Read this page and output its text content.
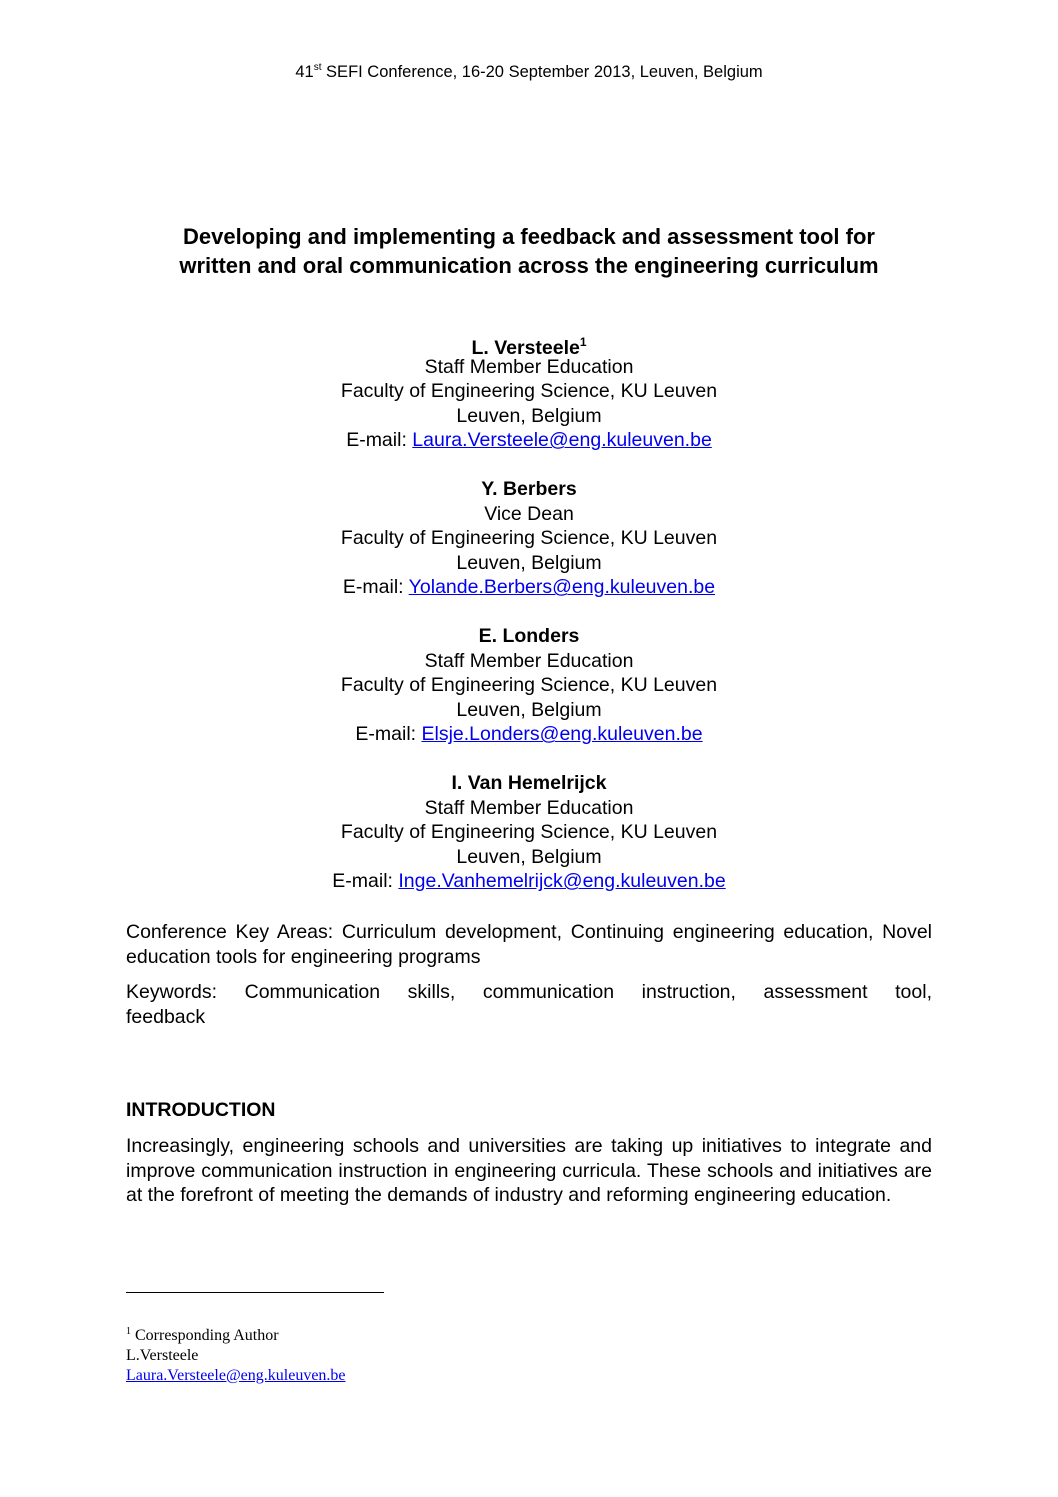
41st SEFI Conference, 16-20 September 2013, Leuven, Belgium
Developing and implementing a feedback and assessment tool for
written and oral communication across the engineering curriculum
L. Versteele$^1$
Staff Member Education
Faculty of Engineering Science, KU Leuven
Leuven, Belgium
E-mail: Laura.Versteele@eng.kuleuven.be
Y. Berbers
Vice Dean
Faculty of Engineering Science, KU Leuven
Leuven, Belgium
E-mail: Yolande.Berbers@eng.kuleuven.be
E. Londers
Staff Member Education
Faculty of Engineering Science, KU Leuven
Leuven, Belgium
E-mail: Elsje.Londers@eng.kuleuven.be
I. Van Hemelrijck
Staff Member Education
Faculty of Engineering Science, KU Leuven
Leuven, Belgium
E-mail: Inge.Vanhemelrijck@eng.kuleuven.be

Conference Key Areas: Curriculum development, Continuing engineering education, Novel education tools for engineering programs

Keywords: Communication skills, communication instruction, assessment tool,
feedback

INTRODUCTION

Increasingly, engineering schools and universities are taking up initiatives to integrate and improve communication instruction in engineering curricula. These schools and initiatives are at the forefront of meeting the demands of industry and reforming engineering education.

$^1$ Corresponding Author
L.Versteele
Laura.Versteele@eng.kuleuven.be
